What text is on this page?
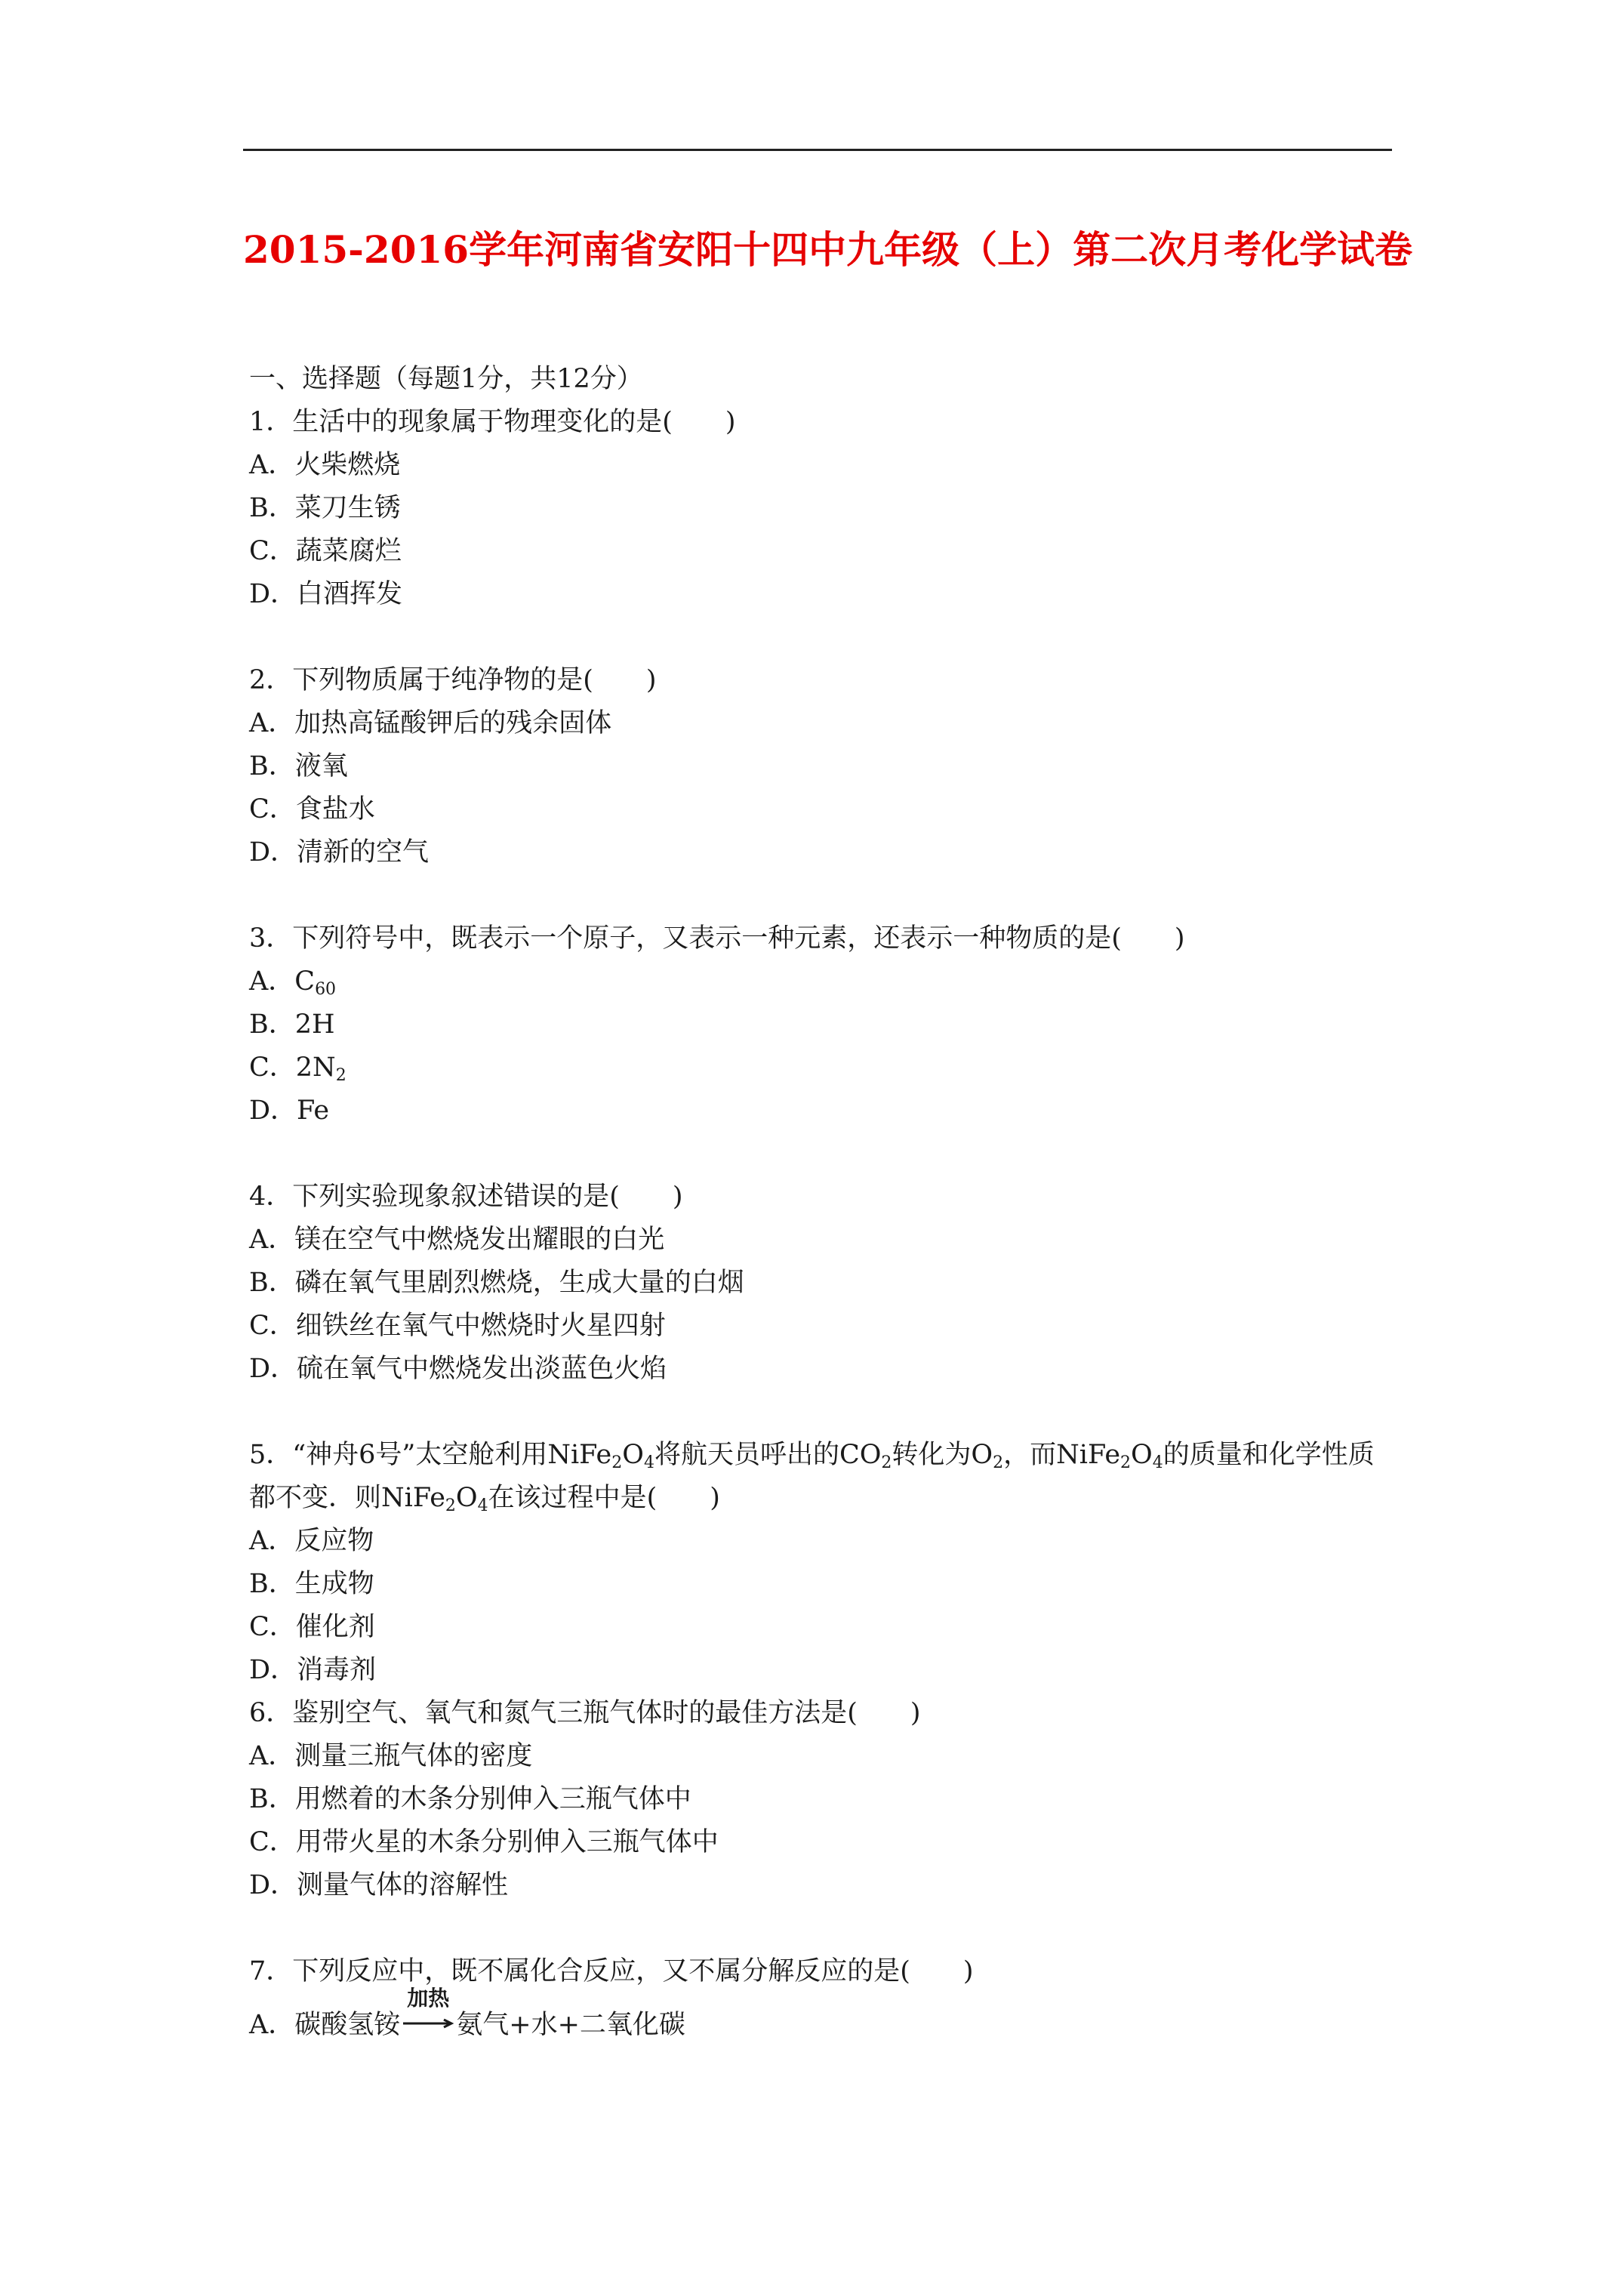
2015-2016学年河南省安阳十四中九年级（上）第二次月考化学试卷
一、选择题（每题1分，共12分）
1．生活中的现象属于物理变化的是(　　)
A．火柴燃烧
B．菜刀生锈
C．蔬菜腐烂
D．白酒挥发
2．下列物质属于纯净物的是(　　)
A．加热高锰酸钾后的残余固体
B．液氧
C．食盐水
D．清新的空气
3．下列符号中，既表示一个原子，又表示一种元素，还表示一种物质的是(　　)
A．$C_{60}$
B．2H
C．$2N_2$
D．Fe
4．下列实验现象叙述错误的是(　　)
A．镁在空气中燃烧发出耀眼的白光
B．磷在氧气里剧烈燃烧，生成大量的白烟
C．细铁丝在氧气中燃烧时火星四射
D．硫在氧气中燃烧发出淡蓝色火焰
5．“神舟6号”太空舱利用$NiFe_2O_4$将航天员呼出的$CO_2$转化为$O_2$，而$NiFe_2O_4$的质量和化学性质都不变．则$NiFe_2O_4$在该过程中是(　　)
A．反应物
B．生成物
C．催化剂
D．消毒剂
6．鉴别空气、氧气和氮气三瓶气体时的最佳方法是(　　)
A．测量三瓶气体的密度
B．用燃着的木条分别伸入三瓶气体中
C．用带火星的木条分别伸入三瓶气体中
D．测量气体的溶解性
7．下列反应中，既不属化合反应，又不属分解反应的是(　　)
A．碳酸氢铵
加热
氨气+水+二氧化碳
